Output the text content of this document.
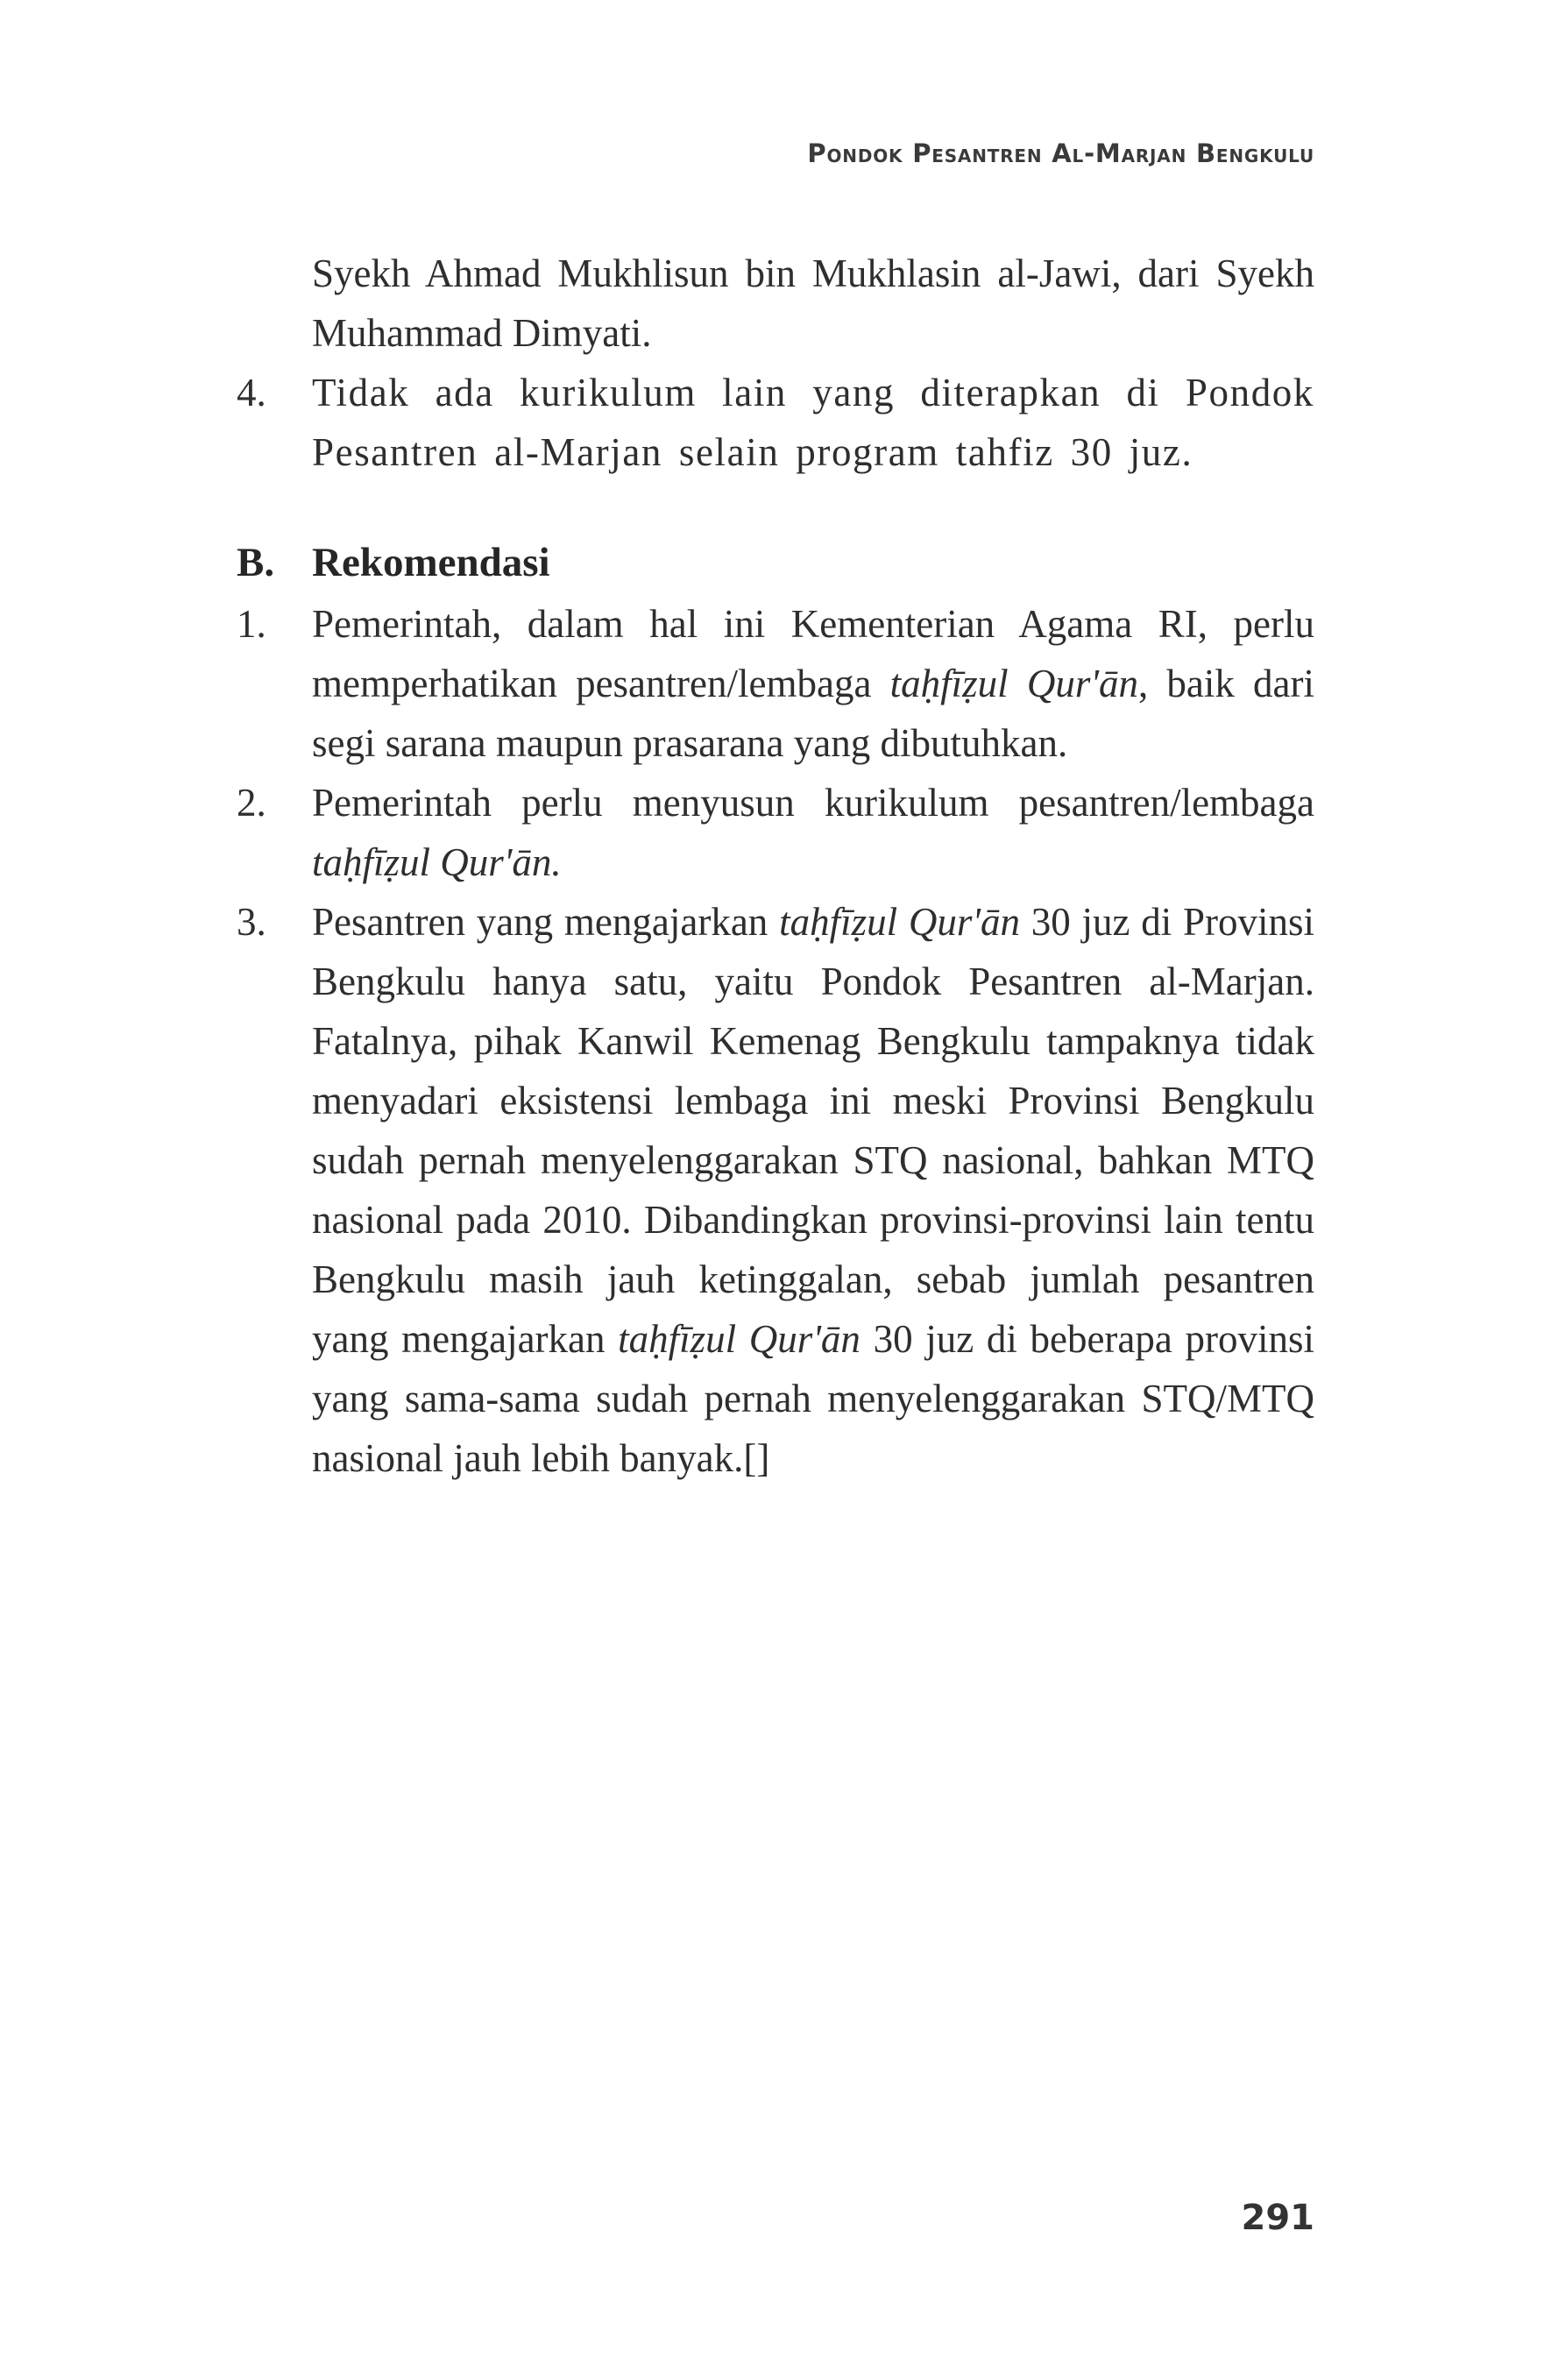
Pondok Pesantren Al-Marjan Bengkulu

Syekh Ahmad Mukhlisun bin Mukhlasin al-Jawi, dari Syekh Muhammad Dimyati.

4.	Tidak ada kurikulum lain yang diterapkan di Pondok Pesantren al-Marjan selain program tahfiz 30 juz.
B. Rekomendasi
1.	Pemerintah, dalam hal ini Kementerian Agama RI, perlu memperhatikan pesantren/lembaga taḥfīẓul Qur'ān, baik dari segi sarana maupun prasarana yang dibutuhkan.
2.	Pemerintah perlu menyusun kurikulum pesantren/lembaga taḥfīẓul Qur'ān.
3.	Pesantren yang mengajarkan taḥfīẓul Qur'ān 30 juz di Provinsi Bengkulu hanya satu, yaitu Pondok Pesantren al-Marjan. Fatalnya, pihak Kanwil Kemenag Bengkulu tampaknya tidak menyadari eksistensi lembaga ini meski Provinsi Bengkulu sudah pernah menyelenggarakan STQ nasional, bahkan MTQ nasional pada 2010. Dibandingkan provinsi-provinsi lain tentu Bengkulu masih jauh ketinggalan, sebab jumlah pesantren yang mengajarkan taḥfīẓul Qur'ān 30 juz di beberapa provinsi yang sama-sama sudah pernah menyelenggarakan STQ/MTQ nasional jauh lebih banyak.[]
291
